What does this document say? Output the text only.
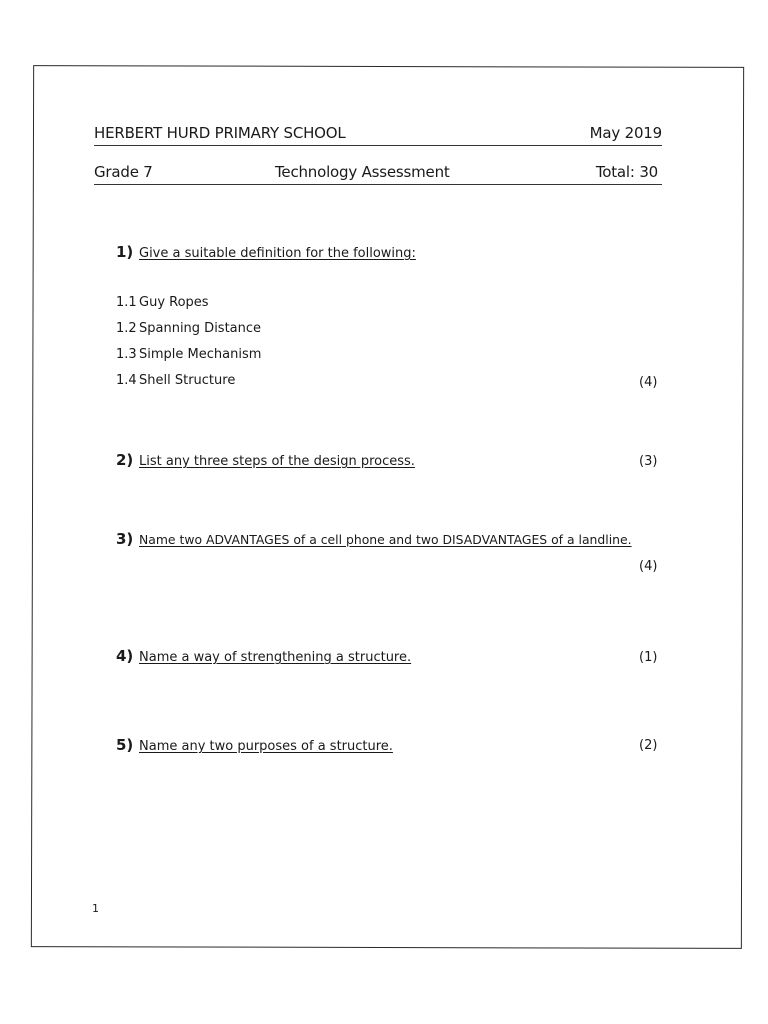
HERBERT HURD PRIMARY SCHOOL	May 2019
Grade 7	Technology Assessment	Total: 30
1) Give a suitable definition for the following:
1.1 Guy Ropes
1.2 Spanning Distance
1.3 Simple Mechanism
1.4 Shell Structure	(4)
2) List any three steps of the design process.	(3)
3) Name two ADVANTAGES of a cell phone and two DISADVANTAGES of a landline.
(4)
4) Name a way of strengthening a structure.	(1)
5) Name any two purposes of a structure.	(2)
1
